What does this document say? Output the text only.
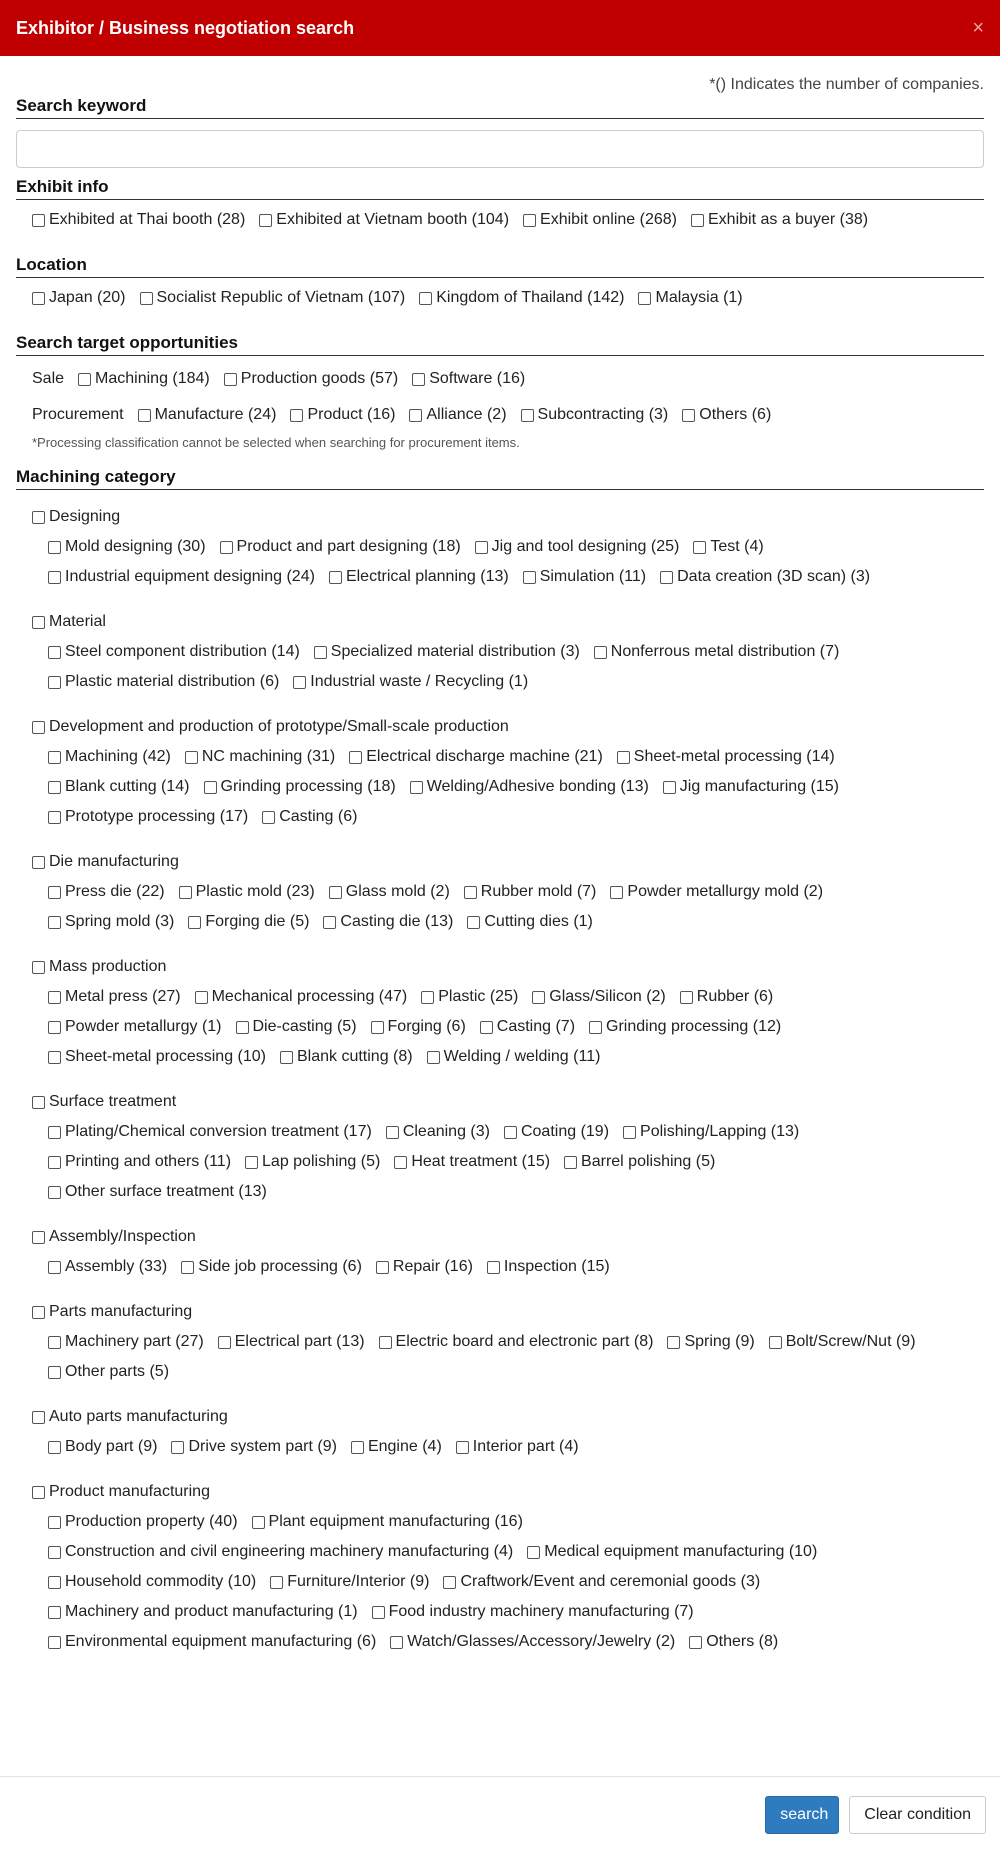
Exhibitor / Business negotiation search	×
*() Indicates the number of companies.
Search keyword
Exhibit info
Exhibited at Thai booth (28) Exhibited at Vietnam booth (104) Exhibit online (268) Exhibit as a buyer (38)
Location
Japan (20) Socialist Republic of Vietnam (107) Kingdom of Thailand (142) Malaysia (1)
Search target opportunities
Sale Machining (184) Production goods (57) Software (16)
Procurement Manufacture (24) Product (16) Alliance (2) Subcontracting (3) Others (6)
*Processing classification cannot be selected when searching for procurement items.
Machining category
Designing
Mold designing (30) Product and part designing (18) Jig and tool designing (25) Test (4)
Industrial equipment designing (24) Electrical planning (13) Simulation (11) Data creation (3D scan) (3)
Material
Steel component distribution (14) Specialized material distribution (3) Nonferrous metal distribution (7)
Plastic material distribution (6) Industrial waste / Recycling (1)
Development and production of prototype/Small-scale production
Machining (42) NC machining (31) Electrical discharge machine (21) Sheet-metal processing (14)
Blank cutting (14) Grinding processing (18) Welding/Adhesive bonding (13) Jig manufacturing (15)
Prototype processing (17) Casting (6)
Die manufacturing
Press die (22) Plastic mold (23) Glass mold (2) Rubber mold (7) Powder metallurgy mold (2)
Spring mold (3) Forging die (5) Casting die (13) Cutting dies (1)
Mass production
Metal press (27) Mechanical processing (47) Plastic (25) Glass/Silicon (2) Rubber (6)
Powder metallurgy (1) Die-casting (5) Forging (6) Casting (7) Grinding processing (12)
Sheet-metal processing (10) Blank cutting (8) Welding / welding (11)
Surface treatment
Plating/Chemical conversion treatment (17) Cleaning (3) Coating (19) Polishing/Lapping (13)
Printing and others (11) Lap polishing (5) Heat treatment (15) Barrel polishing (5)
Other surface treatment (13)
Assembly/Inspection
Assembly (33) Side job processing (6) Repair (16) Inspection (15)
Parts manufacturing
Machinery part (27) Electrical part (13) Electric board and electronic part (8) Spring (9) Bolt/Screw/Nut (9)
Other parts (5)
Auto parts manufacturing
Body part (9) Drive system part (9) Engine (4) Interior part (4)
Product manufacturing
Production property (40) Plant equipment manufacturing (16)
Construction and civil engineering machinery manufacturing (4) Medical equipment manufacturing (10)
Household commodity (10) Furniture/Interior (9) Craftwork/Event and ceremonial goods (3)
Machinery and product manufacturing (1) Food industry machinery manufacturing (7)
Environmental equipment manufacturing (6) Watch/Glasses/Accessory/Jewelry (2) Others (8)
search	Clear condition
